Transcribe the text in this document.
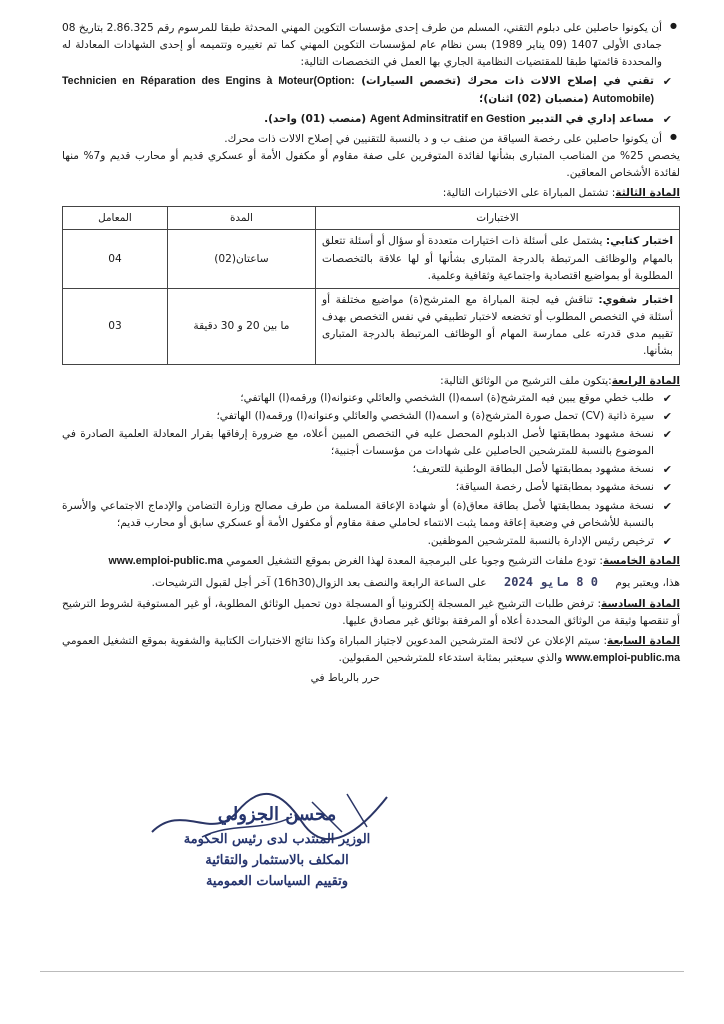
● أن يكونوا حاصلين على دبلوم التقني، المسلم من طرف إحدى مؤسسات التكوين المهني المحدثة طبقا للمرسوم رقم 2.86.325 بتاريخ 08 جمادى الأولى 1407 (09 يناير 1989) بسن نظام عام لمؤسسات التكوين المهني كما تم تغييره وتتميمه أو إحدى الشهادات المعادلة له والمحددة قائمتها طبقا للمقتضيات النظامية الجاري بها العمل في التخصصات التالية:

✔ تقني في إصلاح الالات ذات محرك (تخصص السيارات) Technicien en Réparation des Engins à Moteur(Option: Automobile) (منصبان (02) اثنان)؛

✔ مساعد إداري في التدبير Agent Adminsitratif en Gestion (منصب (01) واحد).

● أن يكونوا حاصلين على رخصة السياقة من صنف ب و د بالنسبة للتقنيين في إصلاح الالات ذات محرك.

يخصص 25% من المناصب المتبارى بشأنها لفائدة المتوفرين على صفة مقاوم أو مكفول الأمة أو عسكري قديم أو محارب قديم و7% منها لفائدة الأشخاص المعاقين.

المادة الثالثة: تشتمل المباراة على الاختبارات التالية:

الاختبارات	المدة	المعامل
اختبار كتابي: يشتمل على أسئلة ذات اختيارات متعددة أو سؤال أو أسئلة تتعلق بالمهام والوظائف المرتبطة بالدرجة المتبارى بشأنها أو لها علاقة بالتخصصات المطلوبة أو بمواضيع اقتصادية واجتماعية وثقافية وعلمية.	ساعتان(02)	04
اختبار شفوي: تناقش فيه لجنة المباراة مع المترشح(ة) مواضيع مختلفة أو أسئلة في التخصص المطلوب أو تخضعه لاختبار تطبيقي في نفس التخصص بهدف تقييم مدى قدرته على ممارسة المهام أو الوظائف المرتبطة بالدرجة المتبارى بشأنها.	ما بين 20 و 30 دقيقة	03

المادة الرابعة:يتكون ملف الترشيح من الوثائق التالية:

✔ طلب خطي موقع يبين فيه المترشح(ة) اسمه(ا) الشخصي والعائلي وعنوانه(ا) ورقمه(ا) الهاتفي؛

✔ سيرة ذاتية (CV) تحمل صورة المترشح(ة) و اسمه(ا) الشخصي والعائلي وعنوانه(ا) ورقمه(ا) الهاتفي؛

✔ نسخة مشهود بمطابقتها لأصل الدبلوم المحصل عليه في التخصص المبين أعلاه، مع ضرورة إرفاقها بقرار المعادلة العلمية الصادرة في الموضوع بالنسبة للمترشحين الحاصلين على شهادات من مؤسسات أجنبية؛

✔ نسخة مشهود بمطابقتها لأصل البطاقة الوطنية للتعريف؛

✔ نسخة مشهود بمطابقتها لأصل رخصة السياقة؛

✔ نسخة مشهود بمطابقتها لأصل بطاقة معاق(ة) أو شهادة الإعاقة المسلمة من طرف مصالح وزارة التضامن والإدماج الاجتماعي والأسرة بالنسبة للأشخاص في وضعية إعاقة ومما يثبت الانتماء لحاملي صفة مقاوم أو مكفول الأمة أو عسكري سابق أو محارب قديم؛

✔ ترخيص رئيس الإدارة بالنسبة للمترشحين الموظفين.

المادة الخامسة: تودع ملفات الترشيح وجوبا على البرمجية المعدة لهذا الغرض بموقع التشغيل العمومي www.emploi-public.ma

هذا، ويعتبر يوم 0 8 مايو 2024 على الساعة الرابعة والنصف بعد الزوال(16h30) آخر أجل لقبول الترشيحات.

المادة السادسة: ترفض طلبات الترشيح غير المسجلة إلكترونيا أو المسجلة دون تحميل الوثائق المطلوبة، أو غير المستوفية لشروط الترشيح أو تنقصها وثيقة من الوثائق المحددة أعلاه أو المرفقة بوثائق غير مصادق عليها.

المادة السابعة: سيتم الإعلان عن لائحة المترشحين المدعوين لاجتياز المباراة وكذا نتائج الاختبارات الكتابية والشفوية بموقع التشغيل العمومي www.emploi-public.ma والذي سيعتبر بمثابة استدعاء للمترشحين المقبولين.

حرر بالرباط في

محسن الجزولي
الوزير المنتدب لدى رئيس الحكومة
المكلف بالاستثمار والتقائية
وتقييم السياسات العمومية
